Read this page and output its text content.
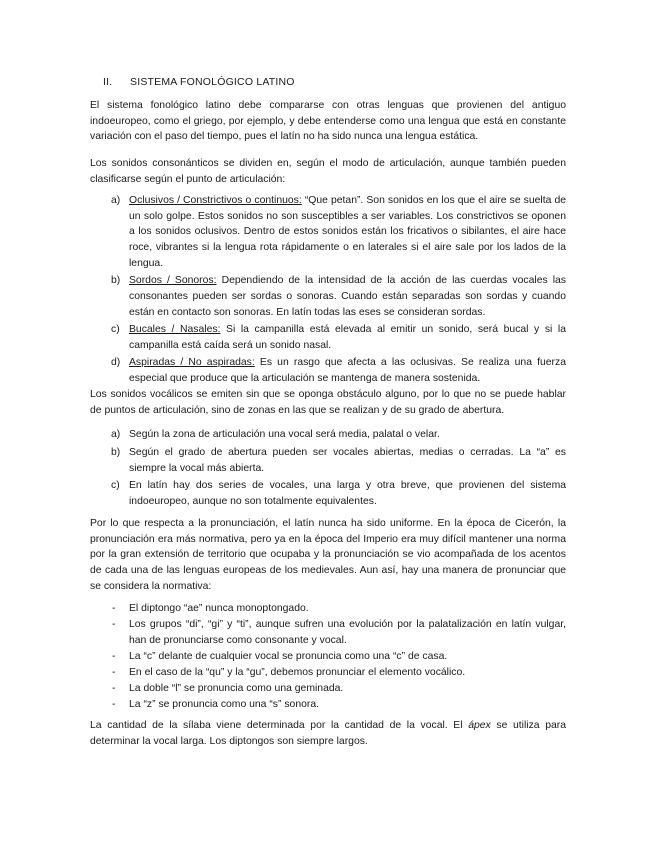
II. SISTEMA FONOLÓGICO LATINO

El sistema fonológico latino debe compararse con otras lenguas que provienen del antiguo indoeuropeo, como el griego, por ejemplo, y debe entenderse como una lengua que está en constante variación con el paso del tiempo, pues el latín no ha sido nunca una lengua estática.

Los sonidos consonánticos se dividen en, según el modo de articulación, aunque también pueden clasificarse según el punto de articulación:

a) Oclusivos / Constrictivos o continuos: “Que petan”. Son sonidos en los que el aire se suelta de un solo golpe. Estos sonidos no son susceptibles a ser variables. Los constrictivos se oponen a los sonidos oclusivos. Dentro de estos sonidos están los fricativos o sibilantes, el aire hace roce, vibrantes si la lengua rota rápidamente o en laterales si el aire sale por los lados de la lengua.
b) Sordos / Sonoros: Dependiendo de la intensidad de la acción de las cuerdas vocales las consonantes pueden ser sordas o sonoras. Cuando están separadas son sordas y cuando están en contacto son sonoras. En latín todas las eses se consideran sordas.
c) Bucales / Nasales: Si la campanilla está elevada al emitir un sonido, será bucal y si la campanilla está caída será un sonido nasal.
d) Aspiradas / No aspiradas: Es un rasgo que afecta a las oclusivas. Se realiza una fuerza especial que produce que la articulación se mantenga de manera sostenida.

Los sonidos vocálicos se emiten sin que se oponga obstáculo alguno, por lo que no se puede hablar de puntos de articulación, sino de zonas en las que se realizan y de su grado de abertura.

a) Según la zona de articulación una vocal será media, palatal o velar.
b) Según el grado de abertura pueden ser vocales abiertas, medias o cerradas. La “a” es siempre la vocal más abierta.
c) En latín hay dos series de vocales, una larga y otra breve, que provienen del sistema indoeuropeo, aunque no son totalmente equivalentes.

Por lo que respecta a la pronunciación, el latín nunca ha sido uniforme. En la época de Cicerón, la pronunciación era más normativa, pero ya en la época del Imperio era muy difícil mantener una norma por la gran extensión de territorio que ocupaba y la pronunciación se vio acompañada de los acentos de cada una de las lenguas europeas de los medievales. Aun así, hay una manera de pronunciar que se considera la normativa:

- El diptongo “ae” nunca monoptongado.
- Los grupos “di”, “gi” y “ti”, aunque sufren una evolución por la palatalización en latín vulgar, han de pronunciarse como consonante y vocal.
- La “c” delante de cualquier vocal se pronuncia como una “c” de casa.
- En el caso de la “qu” y la “gu”, debemos pronunciar el elemento vocálico.
- La doble “l” se pronuncia como una geminada.
- La “z” se pronuncia como una “s” sonora.

La cantidad de la sílaba viene determinada por la cantidad de la vocal. El ápex se utiliza para determinar la vocal larga. Los diptongos son siempre largos.
